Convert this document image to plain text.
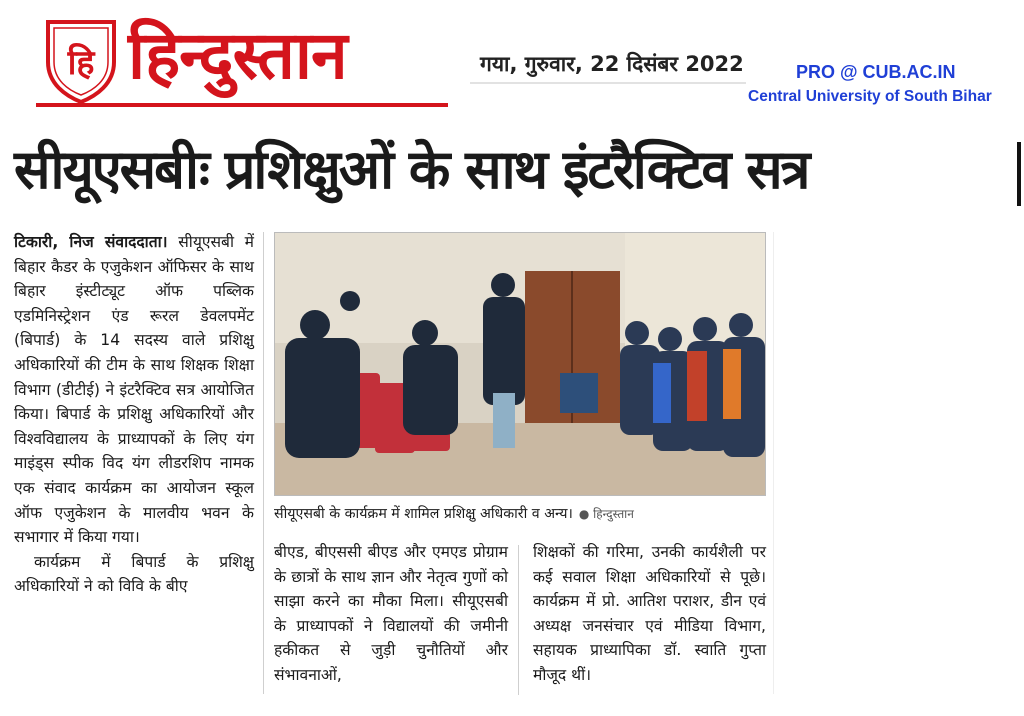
हि हिन्दुस्तान	गया, गुरुवार, 22 दिसंबर 2022	PRO @ CUB.AC.IN
Central University of South Bihar
सीयूएसबीः प्रशिक्षुओं के साथ इंटरैक्टिव सत्र

टिकारी, निज संवाददाता। सीयूएसबी में बिहार कैडर के एजुकेशन ऑफिसर के साथ बिहार इंस्टीट्यूट ऑफ पब्लिक एडमिनिस्ट्रेशन एंड रूरल डेवलपमेंट (बिपार्ड) के 14 सदस्य वाले प्रशिक्षु अधिकारियों की टीम के साथ शिक्षक शिक्षा विभाग (डीटीई) ने इंटरैक्टिव सत्र आयोजित किया। बिपार्ड के प्रशिक्षु अधिकारियों और विश्वविद्यालय के प्राध्यापकों के लिए यंग माइंड्स स्पीक विद यंग लीडरशिप नामक एक संवाद कार्यक्रम का आयोजन स्कूल ऑफ एजुकेशन के मालवीय भवन के सभागार में किया गया।

कार्यक्रम में बिपार्ड के प्रशिक्षु अधिकारियों ने को विवि के बीए

सीयूएसबी के कार्यक्रम में शामिल प्रशिक्षु अधिकारी व अन्य। ● हिन्दुस्तान

बीएड, बीएससी बीएड और एमएड प्रोग्राम के छात्रों के साथ ज्ञान और नेतृत्व गुणों को साझा करने का मौका मिला। सीयूएसबी के प्राध्यापकों ने विद्यालयों की जमीनी हकीकत से जुड़ी चुनौतियों और संभावनाओं,

शिक्षकों की गरिमा, उनकी कार्यशैली पर कई सवाल शिक्षा अधिकारियों से पूछे। कार्यक्रम में प्रो. आतिश पराशर, डीन एवं अध्यक्ष जनसंचार एवं मीडिया विभाग, सहायक प्राध्यापिका डॉ. स्वाति गुप्ता मौजूद थीं।
